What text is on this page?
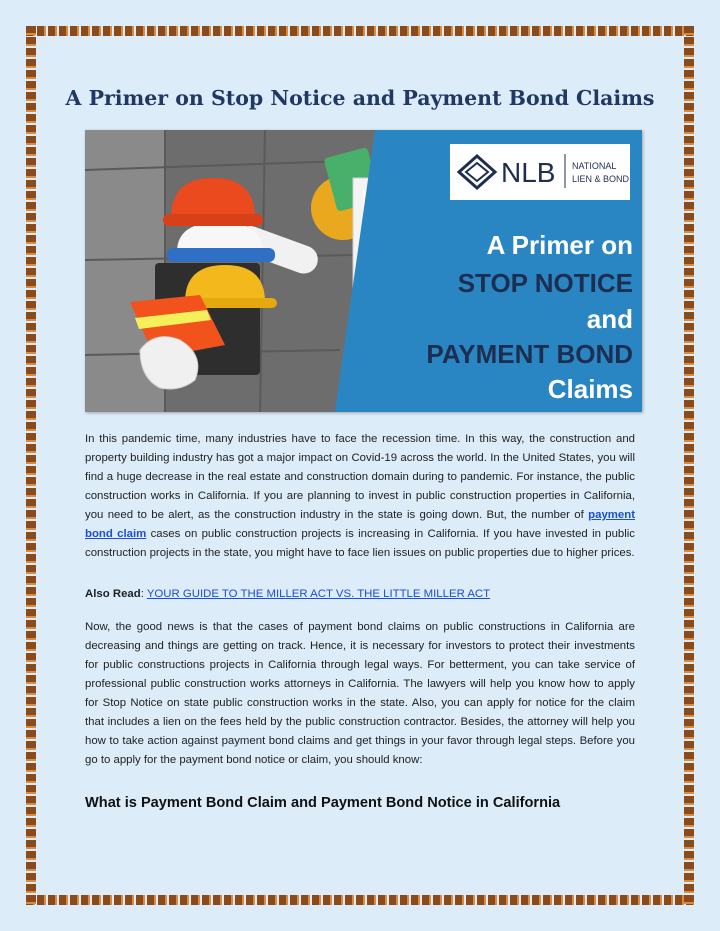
A Primer on Stop Notice and Payment Bond Claims
NLB NATIONAL
LIEN & BOND
A Primer on
STOP NOTICE
and
PAYMENT BOND
Claims

In this pandemic time, many industries have to face the recession time. In this way, the construction and property building industry has got a major impact on Covid-19 across the world. In the United States, you will find a huge decrease in the real estate and construction domain during to pandemic. For instance, the public construction works in California. If you are planning to invest in public construction properties in California, you need to be alert, as the construction industry in the state is going down. But, the number of payment bond claim cases on public construction projects is increasing in California. If you have invested in public construction projects in the state, you might have to face lien issues on public properties due to higher prices.

Also Read: YOUR GUIDE TO THE MILLER ACT VS. THE LITTLE MILLER ACT

Now, the good news is that the cases of payment bond claims on public constructions in California are decreasing and things are getting on track. Hence, it is necessary for investors to protect their investments for public constructions projects in California through legal ways. For betterment, you can take service of professional public construction works attorneys in California. The lawyers will help you know how to apply for Stop Notice on state public construction works in the state. Also, you can apply for notice for the claim that includes a lien on the fees held by the public construction contractor. Besides, the attorney will help you how to take action against payment bond claims and get things in your favor through legal steps. Before you go to apply for the payment bond notice or claim, you should know:

What is Payment Bond Claim and Payment Bond Notice in California
